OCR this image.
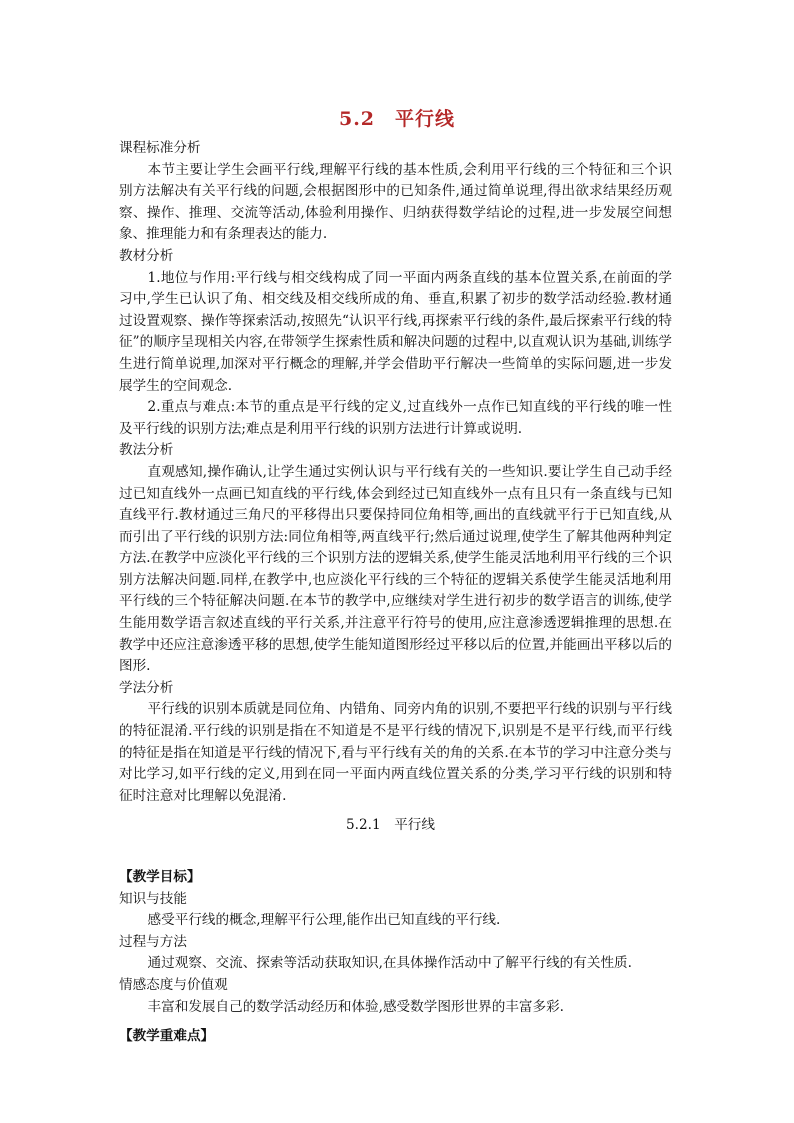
5.2　平行线

课程标准分析

本节主要让学生会画平行线,理解平行线的基本性质,会利用平行线的三个特征和三个识别方法解决有关平行线的问题,会根据图形中的已知条件,通过简单说理,得出欲求结果经历观察、操作、推理、交流等活动,体验利用操作、归纳获得数学结论的过程,进一步发展空间想象、推理能力和有条理表达的能力.

教材分析

1.地位与作用:平行线与相交线构成了同一平面内两条直线的基本位置关系,在前面的学习中,学生已认识了角、相交线及相交线所成的角、垂直,积累了初步的数学活动经验.教材通过设置观察、操作等探索活动,按照先“认识平行线,再探索平行线的条件,最后探索平行线的特征”的顺序呈现相关内容,在带领学生探索性质和解决问题的过程中,以直观认识为基础,训练学生进行简单说理,加深对平行概念的理解,并学会借助平行解决一些简单的实际问题,进一步发展学生的空间观念.

2.重点与难点:本节的重点是平行线的定义,过直线外一点作已知直线的平行线的唯一性及平行线的识别方法;难点是利用平行线的识别方法进行计算或说明.

教法分析

直观感知,操作确认,让学生通过实例认识与平行线有关的一些知识.要让学生自己动手经过已知直线外一点画已知直线的平行线,体会到经过已知直线外一点有且只有一条直线与已知直线平行.教材通过三角尺的平移得出只要保持同位角相等,画出的直线就平行于已知直线,从而引出了平行线的识别方法:同位角相等,两直线平行;然后通过说理,使学生了解其他两种判定方法.在教学中应淡化平行线的三个识别方法的逻辑关系,使学生能灵活地利用平行线的三个识别方法解决问题.同样,在教学中,也应淡化平行线的三个特征的逻辑关系使学生能灵活地利用平行线的三个特征解决问题.在本节的教学中,应继续对学生进行初步的数学语言的训练,使学生能用数学语言叙述直线的平行关系,并注意平行符号的使用,应注意渗透逻辑推理的思想.在教学中还应注意渗透平移的思想,使学生能知道图形经过平移以后的位置,并能画出平移以后的图形.

学法分析

平行线的识别本质就是同位角、内错角、同旁内角的识别,不要把平行线的识别与平行线的特征混淆.平行线的识别是指在不知道是不是平行线的情况下,识别是不是平行线,而平行线的特征是指在知道是平行线的情况下,看与平行线有关的角的关系.在本节的学习中注意分类与对比学习,如平行线的定义,用到在同一平面内两直线位置关系的分类,学习平行线的识别和特征时注意对比理解以免混淆.

5.2.1　平行线

【教学目标】

知识与技能

感受平行线的概念,理解平行公理,能作出已知直线的平行线.

过程与方法

通过观察、交流、探索等活动获取知识,在具体操作活动中了解平行线的有关性质.

情感态度与价值观

丰富和发展自己的数学活动经历和体验,感受数学图形世界的丰富多彩.

【教学重难点】
